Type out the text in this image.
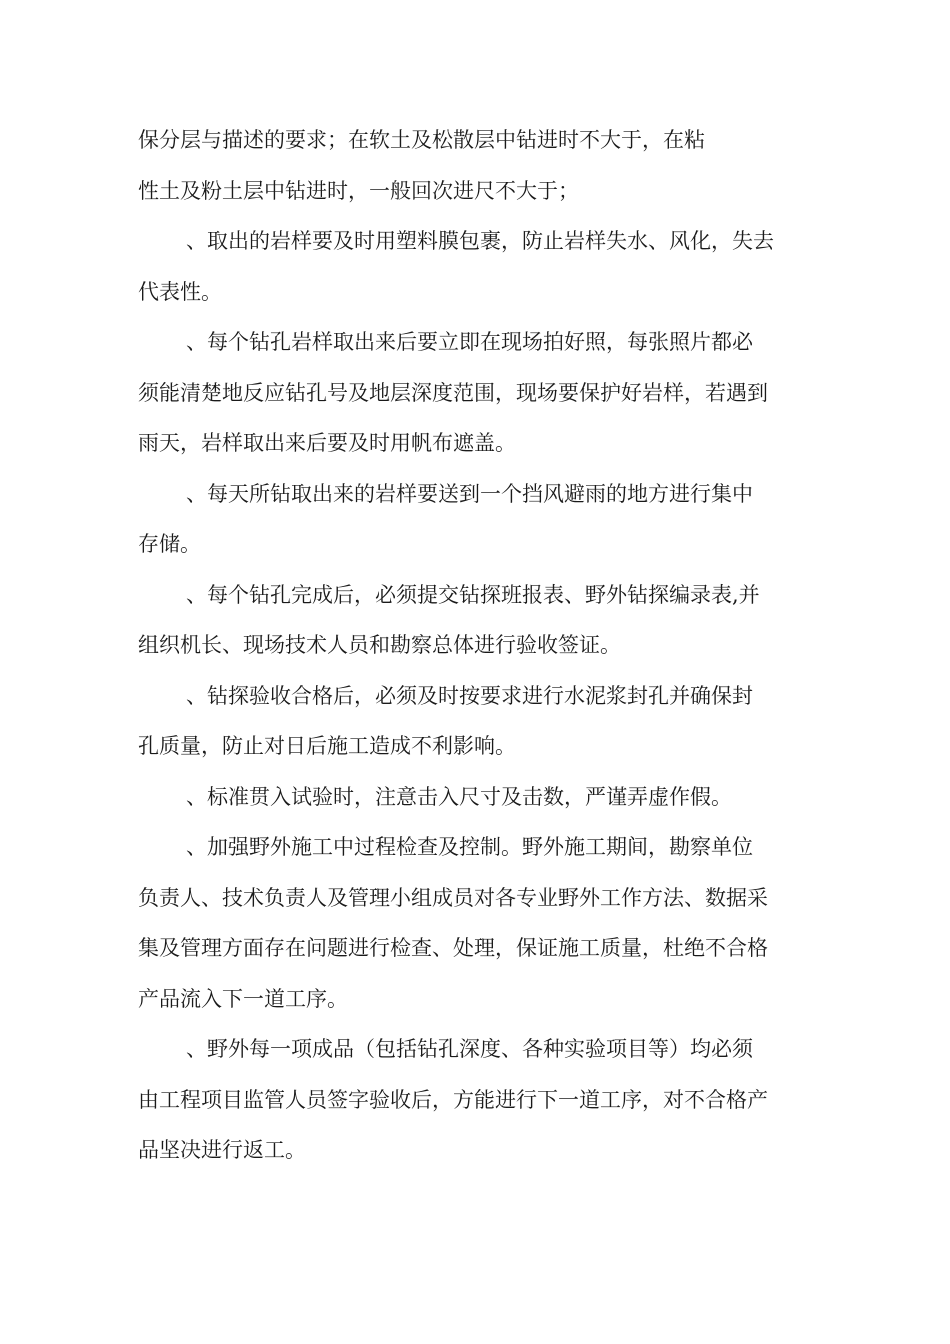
保分层与描述的要求；在软土及松散层中钻进时不大于，在粘
性土及粉土层中钻进时，一般回次进尺不大于；
、取出的岩样要及时用塑料膜包裹，防止岩样失水、风化，失去
代表性。
、每个钻孔岩样取出来后要立即在现场拍好照，每张照片都必
须能清楚地反应钻孔号及地层深度范围，现场要保护好岩样，若遇到
雨天，岩样取出来后要及时用帆布遮盖。
、每天所钻取出来的岩样要送到一个挡风避雨的地方进行集中
存储。
、每个钻孔完成后，必须提交钻探班报表、野外钻探编录表,并
组织机长、现场技术人员和勘察总体进行验收签证。
、钻探验收合格后，必须及时按要求进行水泥浆封孔并确保封
孔质量，防止对日后施工造成不利影响。
、标准贯入试验时，注意击入尺寸及击数，严谨弄虚作假。
、加强野外施工中过程检查及控制。野外施工期间，勘察单位
负责人、技术负责人及管理小组成员对各专业野外工作方法、数据采
集及管理方面存在问题进行检查、处理，保证施工质量，杜绝不合格
产品流入下一道工序。
、野外每一项成品（包括钻孔深度、各种实验项目等）均必须
由工程项目监管人员签字验收后，方能进行下一道工序，对不合格产
品坚决进行返工。
